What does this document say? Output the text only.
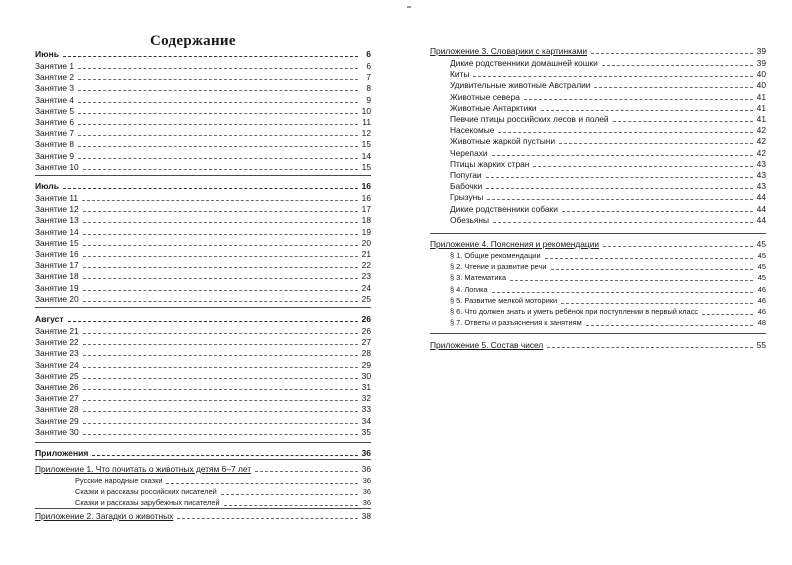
Содержание
Июнь	6
Занятие 1	6
Занятие 2	7
Занятие 3	8
Занятие 4	9
Занятие 5	10
Занятие 6	11
Занятие 7	12
Занятие 8	15
Занятие 9	14
Занятие 10	15
Июль	16
Занятие 11	16
Занятие 12	17
Занятие 13	18
Занятие 14	19
Занятие 15	20
Занятие 16	21
Занятие 17	22
Занятие 18	23
Занятие 19	24
Занятие 20	25
Август	26
Занятие 21	26
Занятие 22	27
Занятие 23	28
Занятие 24	29
Занятие 25	30
Занятие 26	31
Занятие 27	32
Занятие 28	33
Занятие 29	34
Занятие 30	35
Приложения	36
Приложение 1. Что почитать о животных детям 6–7 лет	36
Русские народные сказки	36
Сказки и рассказы российских писателей	36
Сказки и рассказы зарубежных писателей	36
Приложение 2. Загадки о животных	38
Приложение 3. Словарики с картинками	39
Дикие родственники домашней кошки	39
Киты	40
Удивительные животные Австралии	40
Животные севера	41
Животные Антарктики	41
Певчие птицы российских лесов и полей	41
Насекомые	42
Животные жаркой пустыни	42
Черепахи	42
Птицы жарких стран	43
Попугаи	43
Бабочки	43
Грызуны	44
Дикие родственники собаки	44
Обезьяны	44
Приложение 4. Пояснения и рекомендации	45
§ 1. Общие рекомендации	45
§ 2. Чтение и развитие речи	45
§ 3. Математика	45
§ 4. Логика	46
§ 5. Развитие мелкой моторики	46
§ 6. Что должен знать и уметь ребёнок при поступлении в первый класс	46
§ 7. Ответы и разъяснения к занятиям	48
Приложение 5. Состав чисел	55
